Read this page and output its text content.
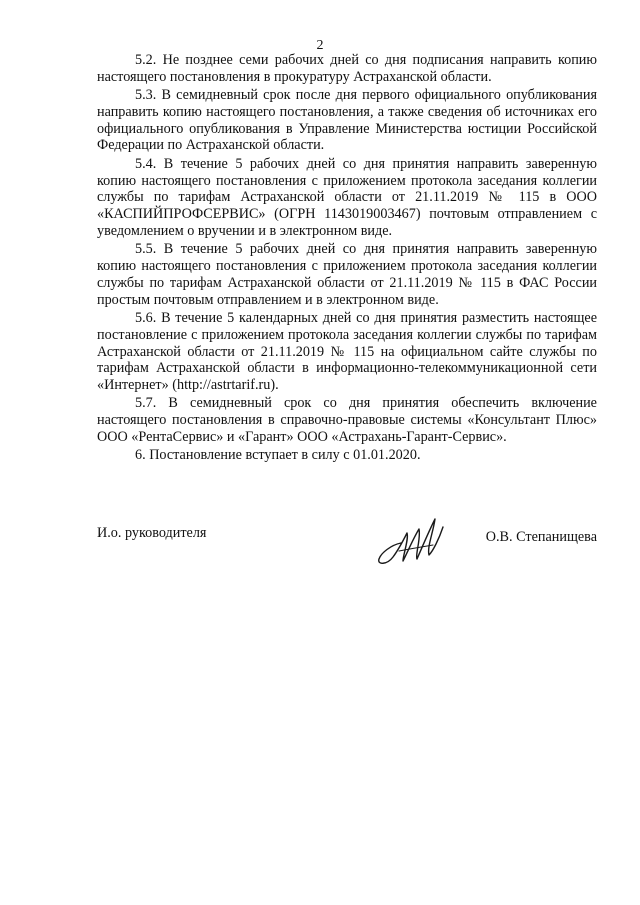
2

5.2. Не позднее семи рабочих дней со дня подписания направить копию настоящего постановления в прокуратуру Астраханской области.

5.3. В семидневный срок после дня первого официального опубликования направить копию настоящего постановления, а также сведения об источниках его официального опубликования в Управление Министерства юстиции Российской Федерации по Астраханской области.

5.4. В течение 5 рабочих дней со дня принятия направить заверенную копию настоящего постановления с приложением протокола заседания коллегии службы по тарифам Астраханской области от 21.11.2019 № 115 в ООО «КАСПИЙПРОФСЕРВИС» (ОГРН 1143019003467) почтовым отправлением с уведомлением о вручении и в электронном виде.

5.5. В течение 5 рабочих дней со дня принятия направить заверенную копию настоящего постановления с приложением протокола заседания коллегии службы по тарифам Астраханской области от 21.11.2019 № 115 в ФАС России простым почтовым отправлением и в электронном виде.

5.6. В течение 5 календарных дней со дня принятия разместить настоящее постановление с приложением протокола заседания коллегии службы по тарифам Астраханской области от 21.11.2019 № 115 на официальном сайте службы по тарифам Астраханской области в информационно-телекоммуникационной сети «Интернет» (http://astrtarif.ru).

5.7. В семидневный срок со дня принятия обеспечить включение настоящего постановления в справочно-правовые системы «Консультант Плюс» ООО «РентаСервис» и «Гарант» ООО «Астрахань-Гарант-Сервис».

6. Постановление вступает в силу с 01.01.2020.

И.о. руководителя	О.В. Степанищева
